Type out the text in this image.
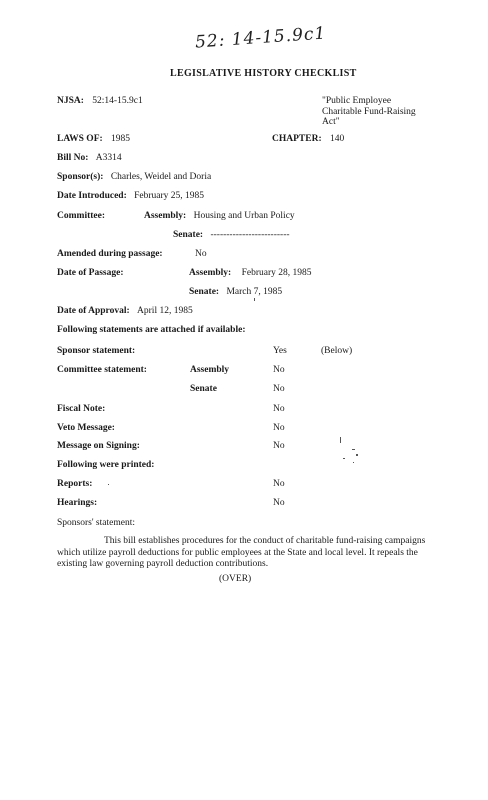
52: 14-15.9c1
LEGISLATIVE HISTORY CHECKLIST
NJSA: 52:14-15.9c1	"Public Employee
Charitable Fund-Raising
Act"
LAWS OF: 1985	CHAPTER: 140
Bill No: A3314
Sponsor(s): Charles, Weidel and Doria
Date Introduced: February 25, 1985
Committee:	Assembly: Housing and Urban Policy
Senate: -------------------------
Amended during passage:	No
Date of Passage:	Assembly: February 28, 1985
Senate: March 7, 1985
Date of Approval: April 12, 1985
Following statements are attached if available:
Sponsor statement:	Yes	(Below)
Committee statement:	Assembly	No
Senate	No
Fiscal Note:	No
Veto Message:	No
Message on Signing:	No
Following were printed:
Reports:	No
Hearings:	No
Sponsors' statement:
This bill establishes procedures for the conduct of charitable fund-raising campaigns which utilize payroll deductions for public employees at the State and local level. It repeals the existing law governing payroll deduction contributions.
(OVER)
